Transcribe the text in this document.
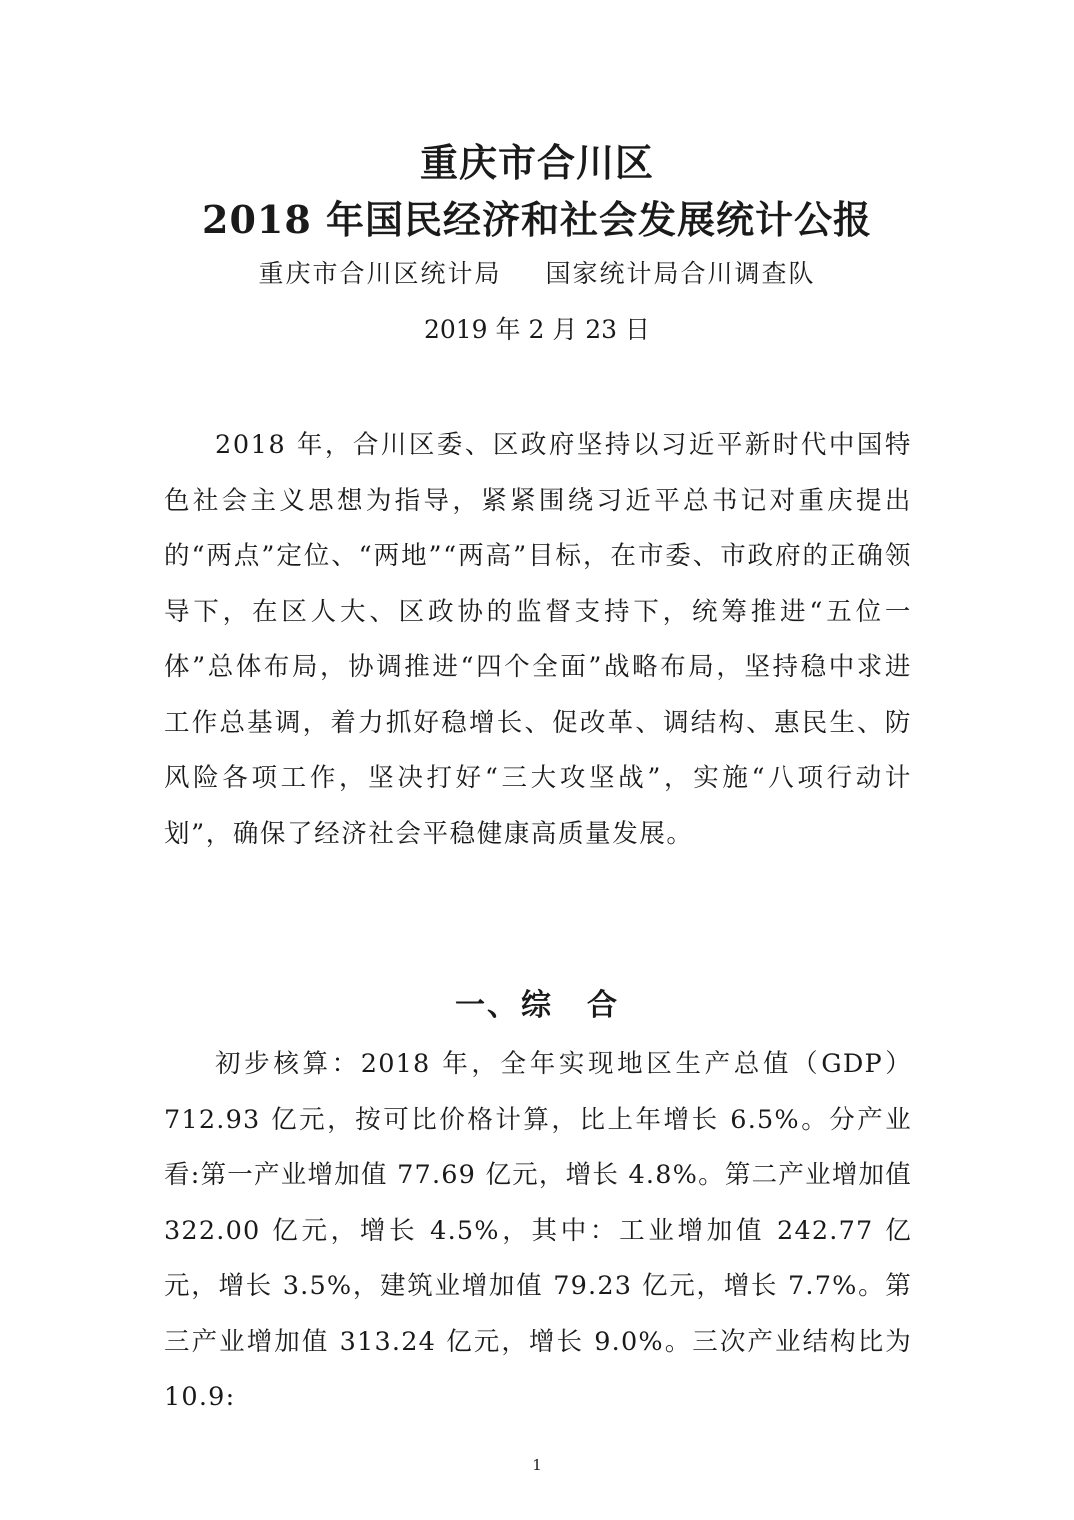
重庆市合川区
2018 年国民经济和社会发展统计公报
重庆市合川区统计局 国家统计局合川调查队
2019 年 2 月 23 日

2018 年，合川区委、区政府坚持以习近平新时代中国特色社会主义思想为指导，紧紧围绕习近平总书记对重庆提出的“两点”定位、“两地”“两高”目标，在市委、市政府的正确领导下，在区人大、区政协的监督支持下，统筹推进“五位一体”总体布局，协调推进“四个全面”战略布局，坚持稳中求进工作总基调，着力抓好稳增长、促改革、调结构、惠民生、防风险各项工作，坚决打好“三大攻坚战”，实施“八项行动计划”，确保了经济社会平稳健康高质量发展。

一、综 合

初步核算：2018 年，全年实现地区生产总值（GDP）712.93 亿元，按可比价格计算，比上年增长 6.5%。分产业看:第一产业增加值 77.69 亿元，增长 4.8%。第二产业增加值 322.00 亿元，增长 4.5%，其中：工业增加值 242.77 亿元，增长 3.5%，建筑业增加值 79.23 亿元，增长 7.7%。第三产业增加值 313.24 亿元，增长 9.0%。三次产业结构比为 10.9:

1
